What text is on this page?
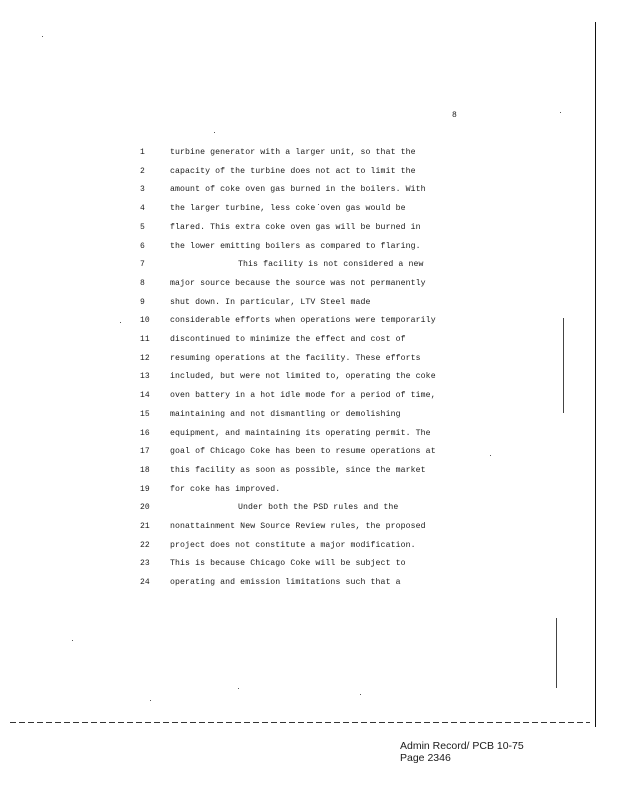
8
1	turbine generator with a larger unit, so that the
2	capacity of the turbine does not act to limit the
3	amount of coke oven gas burned in the boilers. With
4	the larger turbine, less coke oven gas would be
5	flared. This extra coke oven gas will be burned in
6	the lower emitting boilers as compared to flaring.
7	This facility is not considered a new
8	major source because the source was not permanently
9	shut down. In particular, LTV Steel made
10	considerable efforts when operations were temporarily
11	discontinued to minimize the effect and cost of
12	resuming operations at the facility. These efforts
13	included, but were not limited to, operating the coke
14	oven battery in a hot idle mode for a period of time,
15	maintaining and not dismantling or demolishing
16	equipment, and maintaining its operating permit. The
17	goal of Chicago Coke has been to resume operations at
18	this facility as soon as possible, since the market
19	for coke has improved.
20	Under both the PSD rules and the
21	nonattainment New Source Review rules, the proposed
22	project does not constitute a major modification.
23	This is because Chicago Coke will be subject to
24	operating and emission limitations such that a
Admin Record/ PCB 10-75
Page 2346
